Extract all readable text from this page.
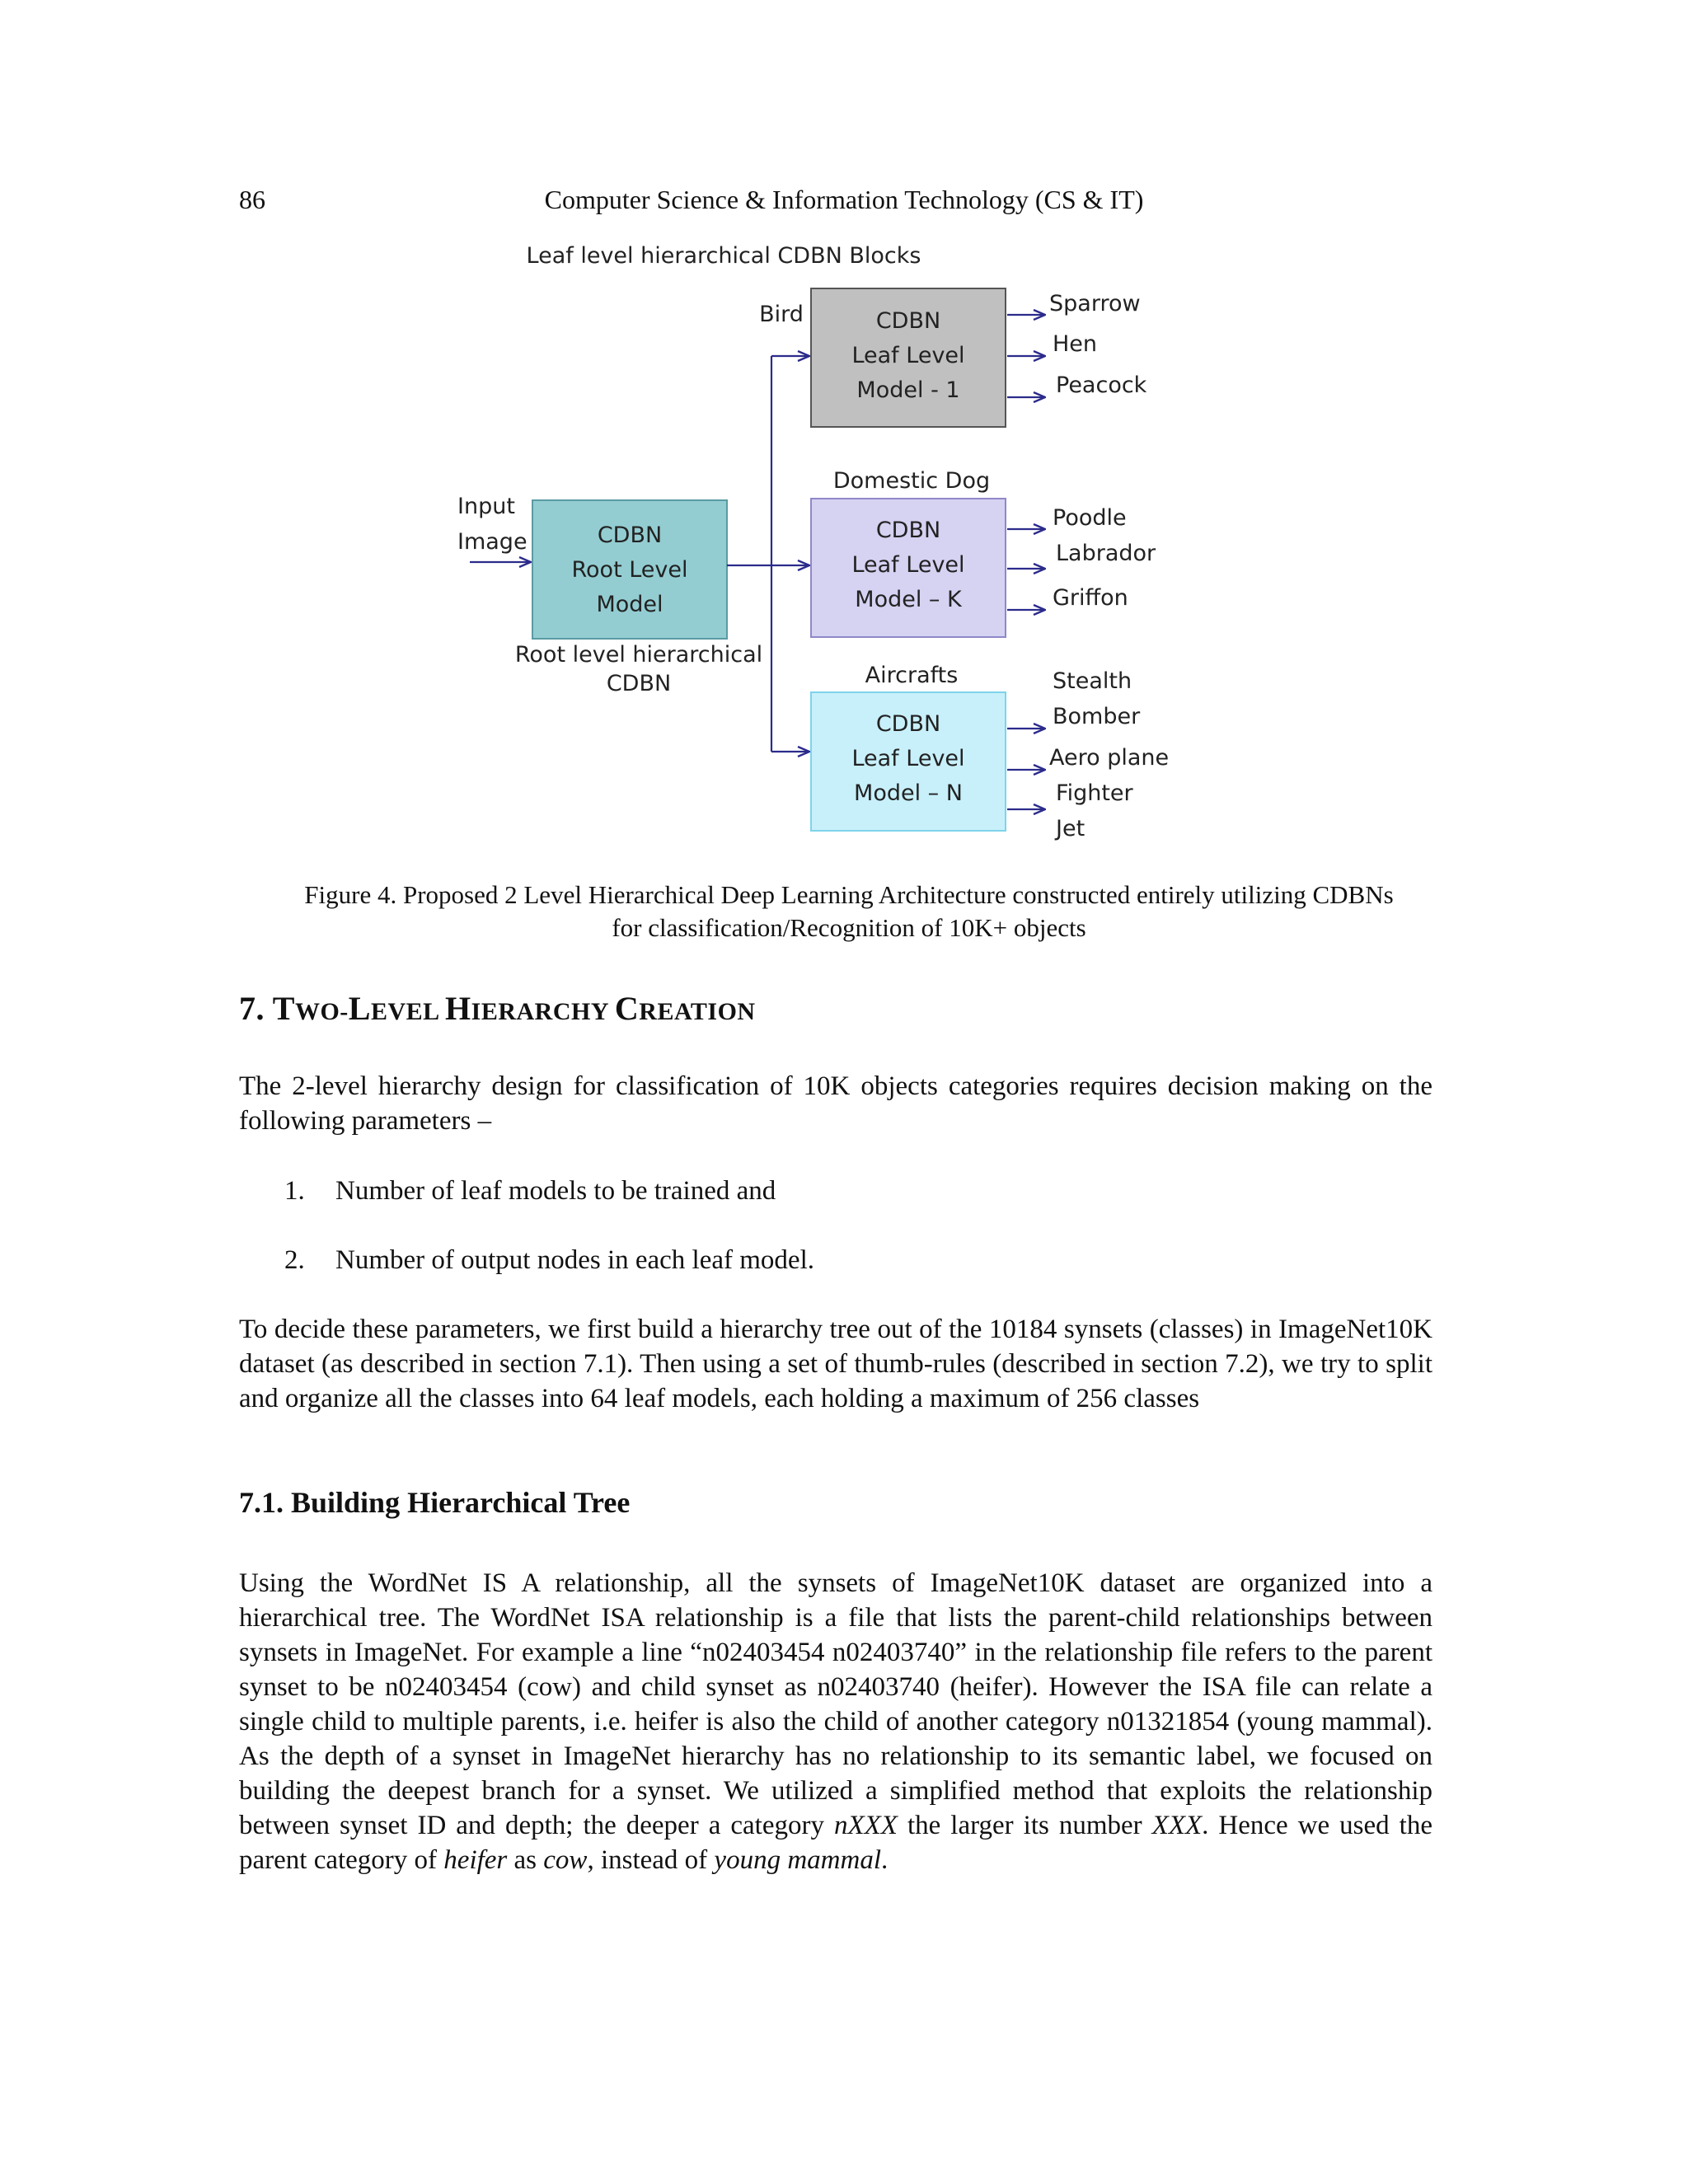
86	Computer Science & Information Technology (CS & IT)
Leaf level hierarchical CDBN Blocks
CDBN
Root Level
Model
Input
Image
Root level hierarchical
CDBN
Bird	CDBN
Leaf Level
Model - 1
Sparrow
Hen
Peacock
Domestic Dog
CDBN
Leaf Level
Model – K
Poodle
Labrador
Griffon
Aircrafts
CDBN
Leaf Level
Model – N
Stealth
Bomber
Aero plane
Fighter
Jet
Figure 4. Proposed 2 Level Hierarchical Deep Learning Architecture constructed entirely utilizing CDBNs
for classification/Recognition of 10K+ objects
7. TWO-LEVEL HIERARCHY CREATION
The 2-level hierarchy design for classification of 10K objects categories requires decision making on the following parameters –
1. Number of leaf models to be trained and
2. Number of output nodes in each leaf model.
To decide these parameters, we first build a hierarchy tree out of the 10184 synsets (classes) in ImageNet10K dataset (as described in section 7.1). Then using a set of thumb-rules (described in section 7.2), we try to split and organize all the classes into 64 leaf models, each holding a maximum of 256 classes
7.1. Building Hierarchical Tree
Using the WordNet IS A relationship, all the synsets of ImageNet10K dataset are organized into a hierarchical tree. The WordNet ISA relationship is a file that lists the parent-child relationships between synsets in ImageNet. For example a line “n02403454 n02403740” in the relationship file refers to the parent synset to be n02403454 (cow) and child synset as n02403740 (heifer). However the ISA file can relate a single child to multiple parents, i.e. heifer is also the child of another category n01321854 (young mammal). As the depth of a synset in ImageNet hierarchy has no relationship to its semantic label, we focused on building the deepest branch for a synset. We utilized a simplified method that exploits the relationship between synset ID and depth; the deeper a category nXXX the larger its number XXX. Hence we used the parent category of heifer as cow, instead of young mammal.
